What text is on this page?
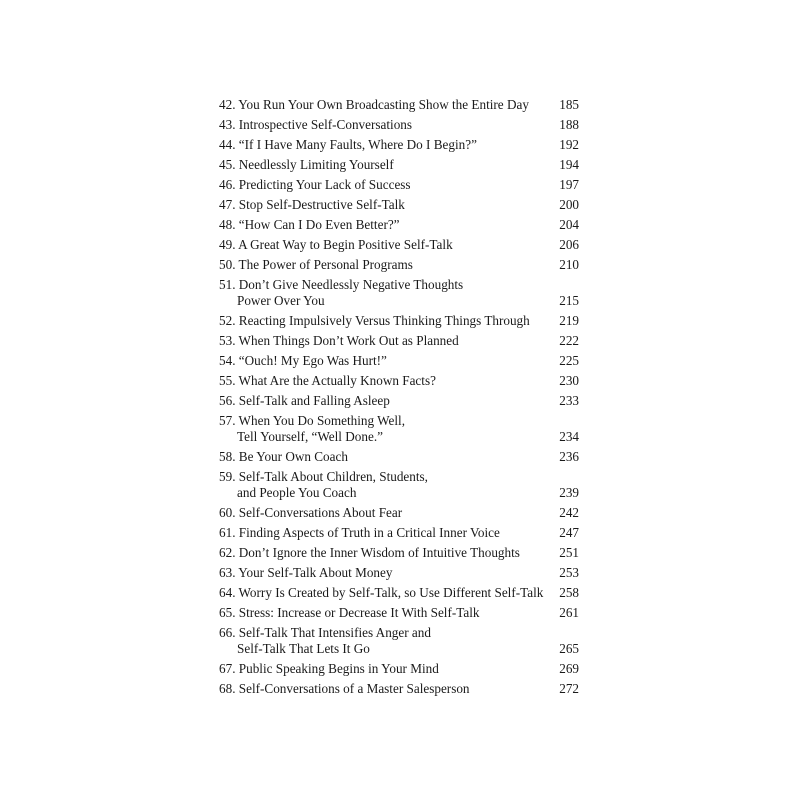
42. You Run Your Own Broadcasting Show the Entire Day	185
43. Introspective Self-Conversations	188
44. “If I Have Many Faults, Where Do I Begin?”	192
45. Needlessly Limiting Yourself	194
46. Predicting Your Lack of Success	197
47. Stop Self-Destructive Self-Talk	200
48. “How Can I Do Even Better?”	204
49. A Great Way to Begin Positive Self-Talk	206
50. The Power of Personal Programs	210
51. Don’t Give Needlessly Negative Thoughts
Power Over You	215
52. Reacting Impulsively Versus Thinking Things Through	219
53. When Things Don’t Work Out as Planned	222
54. “Ouch! My Ego Was Hurt!”	225
55. What Are the Actually Known Facts?	230
56. Self-Talk and Falling Asleep	233
57. When You Do Something Well,
Tell Yourself, “Well Done.”	234
58. Be Your Own Coach	236
59. Self-Talk About Children, Students,
and People You Coach	239
60. Self-Conversations About Fear	242
61. Finding Aspects of Truth in a Critical Inner Voice	247
62. Don’t Ignore the Inner Wisdom of Intuitive Thoughts	251
63. Your Self-Talk About Money	253
64. Worry Is Created by Self-Talk, so Use Different Self-Talk	258
65. Stress: Increase or Decrease It With Self-Talk	261
66. Self-Talk That Intensifies Anger and
Self-Talk That Lets It Go	265
67. Public Speaking Begins in Your Mind	269
68. Self-Conversations of a Master Salesperson	272
